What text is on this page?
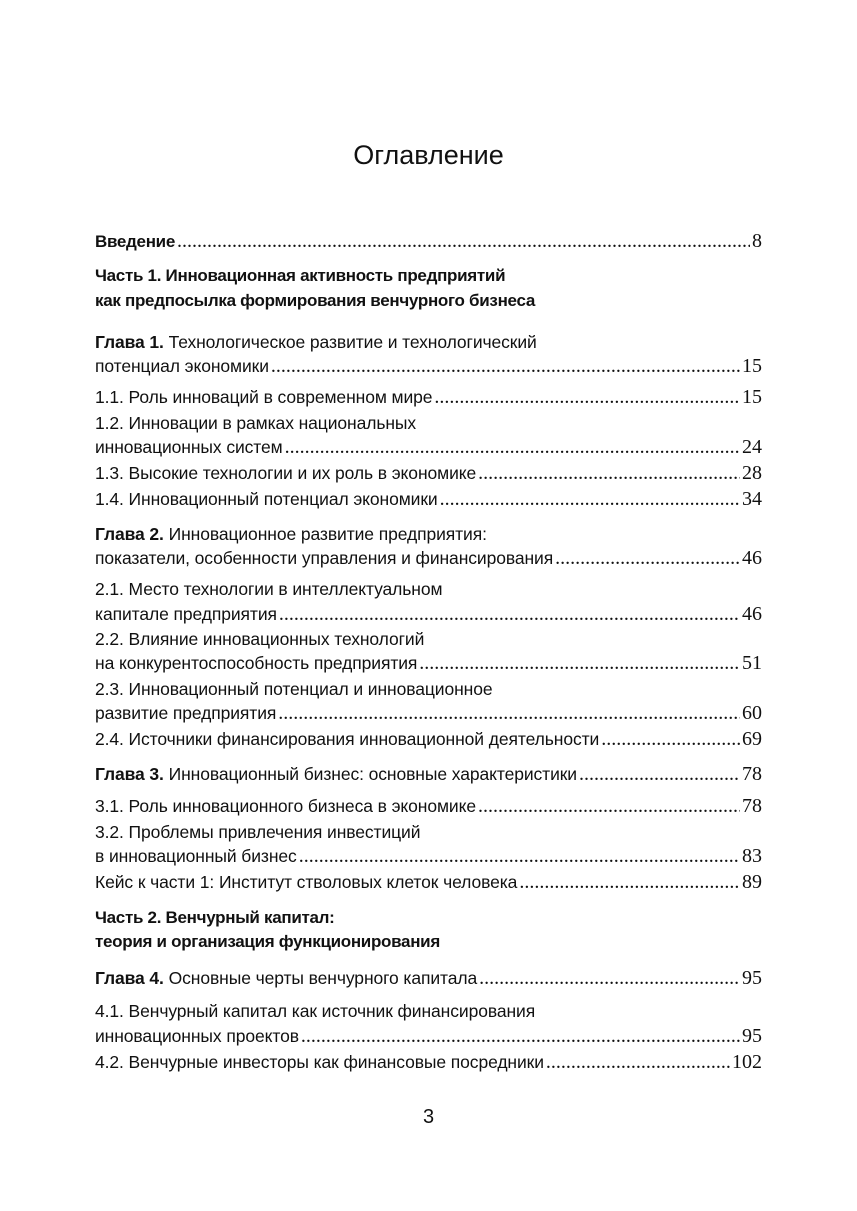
Оглавление
Введение .....	8
Часть 1. Инновационная активность предприятий
как предпосылка формирования венчурного бизнеса
Глава 1. Технологическое развитие и технологический
потенциал экономики .....	15
1.1. Роль инноваций в современном мире .....	15
1.2. Инновации в рамках национальных
инновационных систем .....	24
1.3. Высокие технологии и их роль в экономике .....	28
1.4. Инновационный потенциал экономики .....	34
Глава 2. Инновационное развитие предприятия:
показатели, особенности управления и финансирования .....	46
2.1. Место технологии в интеллектуальном
капитале предприятия .....	46
2.2. Влияние инновационных технологий
на конкурентоспособность предприятия .....	51
2.3. Инновационный потенциал и инновационное
развитие предприятия .....	60
2.4. Источники финансирования инновационной деятельности .....	69
Глава 3. Инновационный бизнес: основные характеристики .....	78
3.1. Роль инновационного бизнеса в экономике .....	78
3.2. Проблемы привлечения инвестиций
в инновационный бизнес .....	83
Кейс к части 1: Институт стволовых клеток человека .....	89
Часть 2. Венчурный капитал:
теория и организация функционирования
Глава 4. Основные черты венчурного капитала .....	95
4.1. Венчурный капитал как источник финансирования
инновационных проектов .....	95
4.2. Венчурные инвесторы как финансовые посредники .....	102
3
